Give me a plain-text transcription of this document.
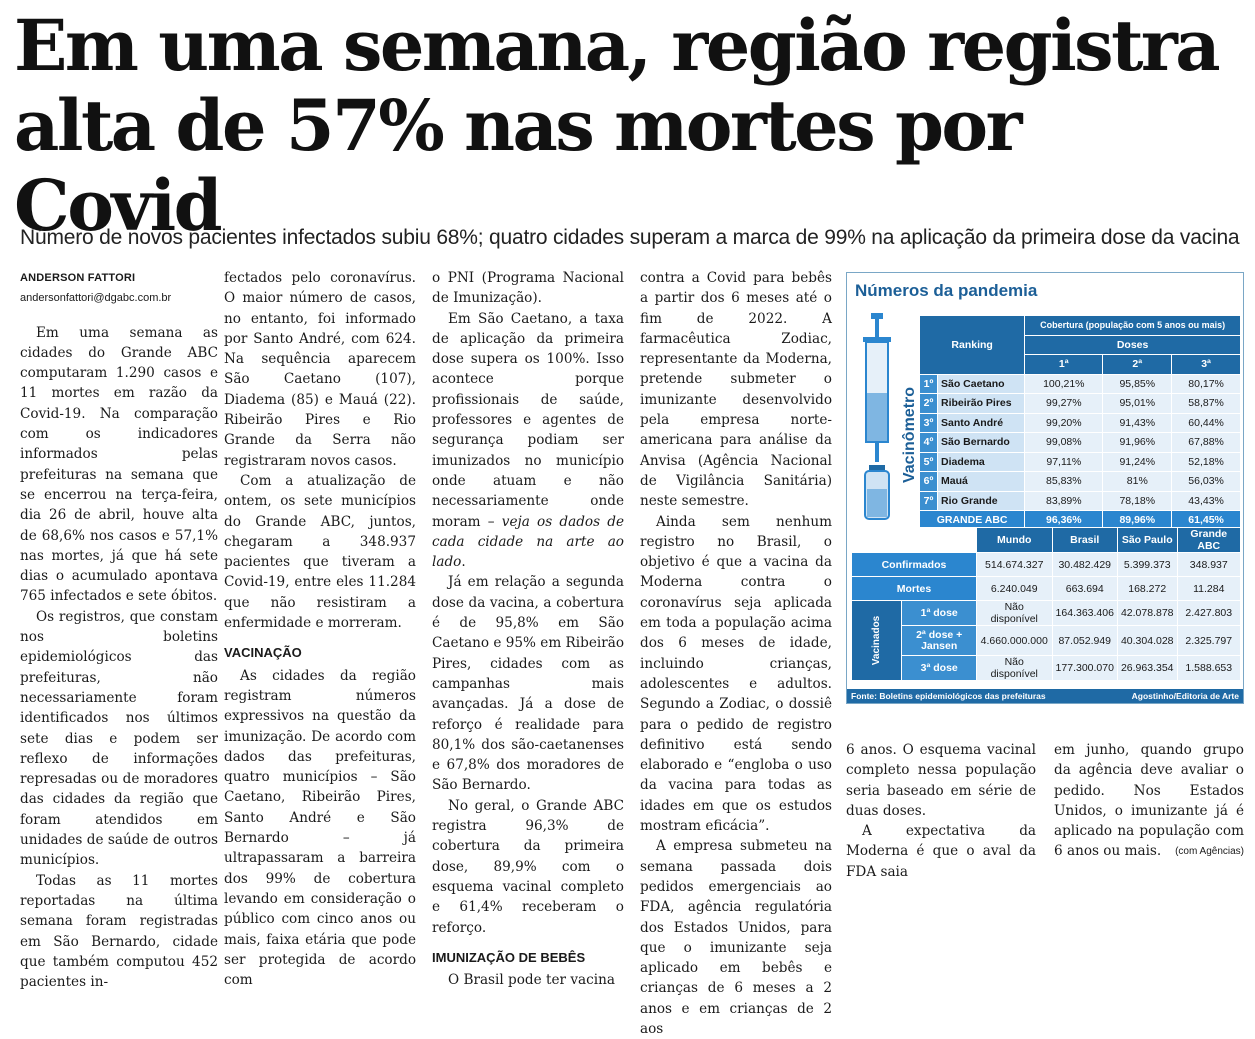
Em uma semana, região registra
alta de 57% nas mortes por Covid
Número de novos pacientes infectados subiu 68%; quatro cidades superam a marca de 99% na aplicação da primeira dose da vacina
ANDERSON FATTORI
andersonfattori@dgabc.com.br

Em uma semana as cidades do Grande ABC computaram 1.290 casos e 11 mortes em razão da Covid-19. Na comparação com os indicadores informados pelas prefeituras na semana que se encerrou na terça-feira, dia 26 de abril, houve alta de 68,6% nos casos e 57,1% nas mortes, já que há sete dias o acumulado apontava 765 infectados e sete óbitos.

Os registros, que constam nos boletins epidemiológicos das prefeituras, não necessariamente foram identificados nos últimos sete dias e podem ser reflexo de informações represadas ou de moradores das cidades da região que foram atendidos em unidades de saúde de outros municípios.

Todas as 11 mortes reportadas na última semana foram registradas em São Bernardo, cidade que também computou 452 pacientes in-

fectados pelo coronavírus. O maior número de casos, no entanto, foi informado por Santo André, com 624. Na sequência aparecem São Caetano (107), Diadema (85) e Mauá (22). Ribeirão Pires e Rio Grande da Serra não registraram novos casos.

Com a atualização de ontem, os sete municípios do Grande ABC, juntos, chegaram a 348.937 pacientes que tiveram a Covid-19, entre eles 11.284 que não resistiram a enfermidade e morreram.

VACINAÇÃO

As cidades da região registram números expressivos na questão da imunização. De acordo com dados das prefeituras, quatro municípios – São Caetano, Ribeirão Pires, Santo André e São Bernardo – já ultrapassaram a barreira dos 99% de cobertura levando em consideração o público com cinco anos ou mais, faixa etária que pode ser protegida de acordo com

o PNI (Programa Nacional de Imunização).

Em São Caetano, a taxa de aplicação da primeira dose supera os 100%. Isso acontece porque profissionais de saúde, professores e agentes de segurança podiam ser imunizados no município onde atuam e não necessariamente onde moram – veja os dados de cada cidade na arte ao lado.

Já em relação a segunda dose da vacina, a cobertura é de 95,8% em São Caetano e 95% em Ribeirão Pires, cidades com as campanhas mais avançadas. Já a dose de reforço é realidade para 80,1% dos são-caetanenses e 67,8% dos moradores de São Bernardo.

No geral, o Grande ABC registra 96,3% de cobertura da primeira dose, 89,9% com o esquema vacinal completo e 61,4% receberam o reforço.

IMUNIZAÇÃO DE BEBÊS

O Brasil pode ter vacina

contra a Covid para bebês a partir dos 6 meses até o fim de 2022. A farmacêutica Zodiac, representante da Moderna, pretende submeter o imunizante desenvolvido pela empresa norte-americana para análise da Anvisa (Agência Nacional de Vigilância Sanitária) neste semestre.

Ainda sem nenhum registro no Brasil, o objetivo é que a vacina da Moderna contra o coronavírus seja aplicada em toda a população acima dos 6 meses de idade, incluindo crianças, adolescentes e adultos. Segundo a Zodiac, o dossiê para o pedido de registro definitivo está sendo elaborado e “engloba o uso da vacina para todas as idades em que os estudos mostram eficácia”.

A empresa submeteu na semana passada dois pedidos emergenciais ao FDA, agência regulatória dos Estados Unidos, para que o imunizante seja aplicado em bebês e crianças de 6 meses a 2 anos e em crianças de 2 aos

6 anos. O esquema vacinal completo nessa população seria baseado em série de duas doses.

A expectativa da Moderna é que o aval da FDA saia

em junho, quando grupo da agência deve avaliar o pedido. Nos Estados Unidos, o imunizante já é aplicado na população com 6 anos ou mais.	(com Agências)
Números da pandemia
Vacinômetro
Ranking		Cobertura (população com 5 anos ou mais)		
		Doses		
		1ª	2ª	3ª
1º	São Caetano	100,21%	95,85%	80,17%
2º	Ribeirão Pires	99,27%	95,01%	58,87%
3º	Santo André	99,20%	91,43%	60,44%
4º	São Bernardo	99,08%	91,96%	67,88%
5º	Diadema	97,11%	91,24%	52,18%
6º	Mauá	85,83%	81%	56,03%
7º	Rio Grande	83,89%	78,18%	43,43%
GRANDE ABC		96,36%	89,96%	61,45%
		Mundo	Brasil	São Paulo	Grande ABC
Confirmados		514.674.327	30.482.429	5.399.373	348.937
Mortes		6.240.049	663.694	168.272	11.284

Vacinados	1ª dose	Não disponível	164.363.406	42.078.878	2.427.803
	2ª dose + Jansen	4.660.000.000	87.052.949	40.304.028	2.325.797
	3ª dose	Não disponível	177.300.070	26.963.354	1.588.653
Fonte: Boletins epidemiológicos das prefeituras	Agostinho/Editoria de Arte
